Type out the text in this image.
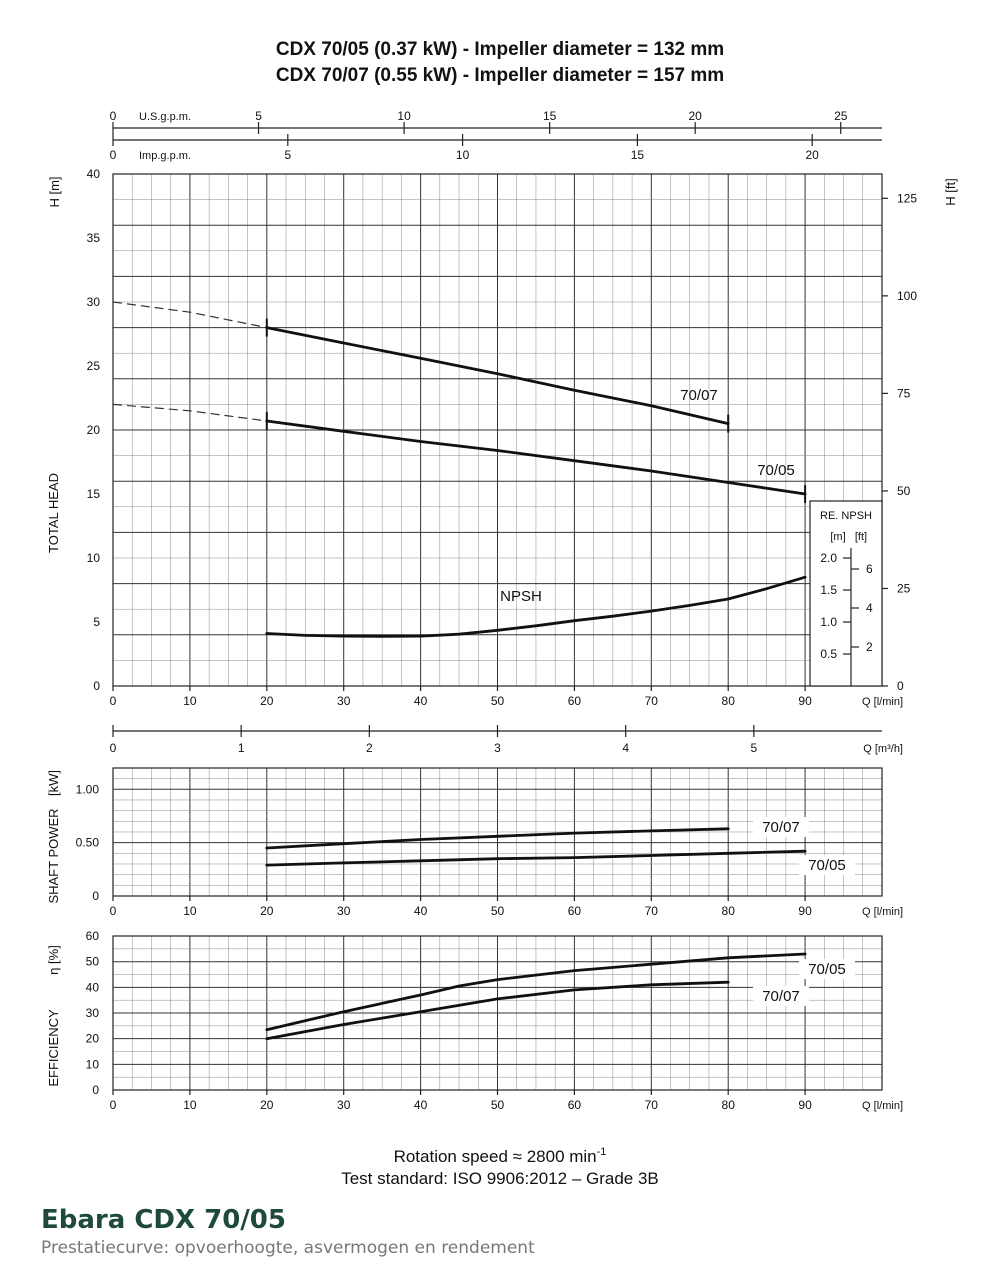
CDX 70/05 (0.37 kW) - Impeller diameter = 132 mm
CDX 70/07 (0.55 kW) - Impeller diameter = 157 mm
0	5	10	15	20	25
U.S.g.p.m.
0	5	10	15	20
Imp.g.p.m.
0
5
10
15
20
25
30
35
40
H [m]
TOTAL HEAD
0
25
50
75
100
125 H [ft]
0	10	20	30	40	50	60	70	80	90	Q [l/min]
0	1	2	3	4	5	Q [m³/h]
RE. NPSH
[m] [ft]
2.0
1.5
1.0
0.5
6
4
2
70/07
70/05
NPSH
0
0.50
1.00
SHAFT POWER
[kW]
0	10	20	30	40	50	60	70	80	90	Q [l/min]
70/07
70/05
0
10
20
30
40
50
60
EFFICIENCY
η [%]
0	10	20	30	40	50	60	70	80	90	Q [l/min]
70/05
70/07
Rotation speed ≈ 2800 $\min^{-1}$
Test standard: ISO 9906:2012 – Grade 3B

Ebara CDX 70/05

Prestatiecurve: opvoerhoogte, asvermogen en rendement
